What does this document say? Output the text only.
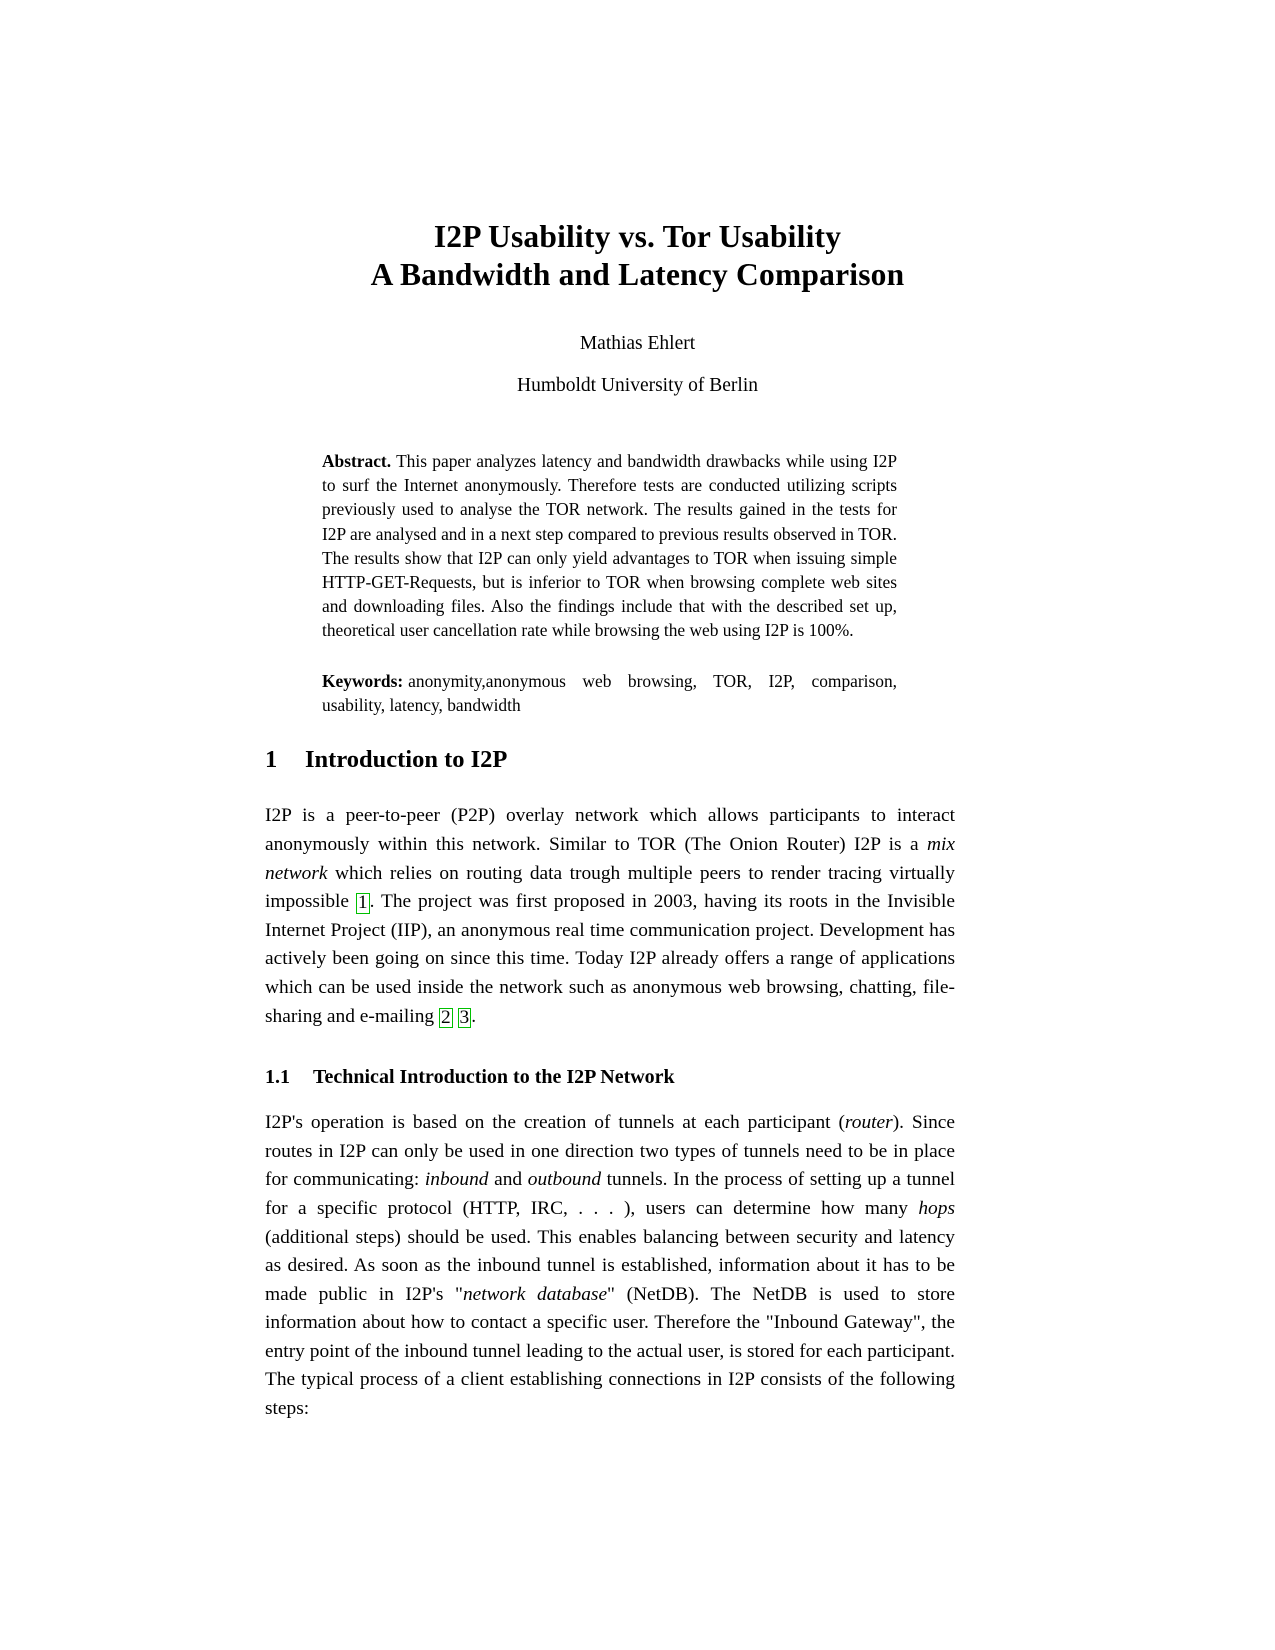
I2P Usability vs. Tor Usability
A Bandwidth and Latency Comparison
Mathias Ehlert
Humboldt University of Berlin

Abstract. This paper analyzes latency and bandwidth drawbacks while using I2P to surf the Internet anonymously. Therefore tests are conducted utilizing scripts previously used to analyse the TOR network. The results gained in the tests for I2P are analysed and in a next step compared to previous results observed in TOR. The results show that I2P can only yield advantages to TOR when issuing simple HTTP-GET-Requests, but is inferior to TOR when browsing complete web sites and downloading files. Also the findings include that with the described set up, theoretical user cancellation rate while browsing the web using I2P is 100%.

Keywords: anonymity,anonymous web browsing, TOR, I2P, comparison, usability, latency, bandwidth

1 Introduction to I2P

I2P is a peer-to-peer (P2P) overlay network which allows participants to interact anonymously within this network. Similar to TOR (The Onion Router) I2P is a mix network which relies on routing data trough multiple peers to render tracing virtually impossible 1 . The project was first proposed in 2003, having its roots in the Invisible Internet Project (IIP), an anonymous real time communication project. Development has actively been going on since this time. Today I2P already offers a range of applications which can be used inside the network such as anonymous web browsing, chatting, file-sharing and e-mailing 2 3 .

1.1 Technical Introduction to the I2P Network

I2P's operation is based on the creation of tunnels at each participant (router). Since routes in I2P can only be used in one direction two types of tunnels need to be in place for communicating: inbound and outbound tunnels. In the process of setting up a tunnel for a specific protocol (HTTP, IRC, . . . ), users can determine how many hops (additional steps) should be used. This enables balancing between security and latency as desired. As soon as the inbound tunnel is established, information about it has to be made public in I2P's "network database" (NetDB). The NetDB is used to store information about how to contact a specific user. Therefore the "Inbound Gateway", the entry point of the inbound tunnel leading to the actual user, is stored for each participant. The typical process of a client establishing connections in I2P consists of the following steps:
